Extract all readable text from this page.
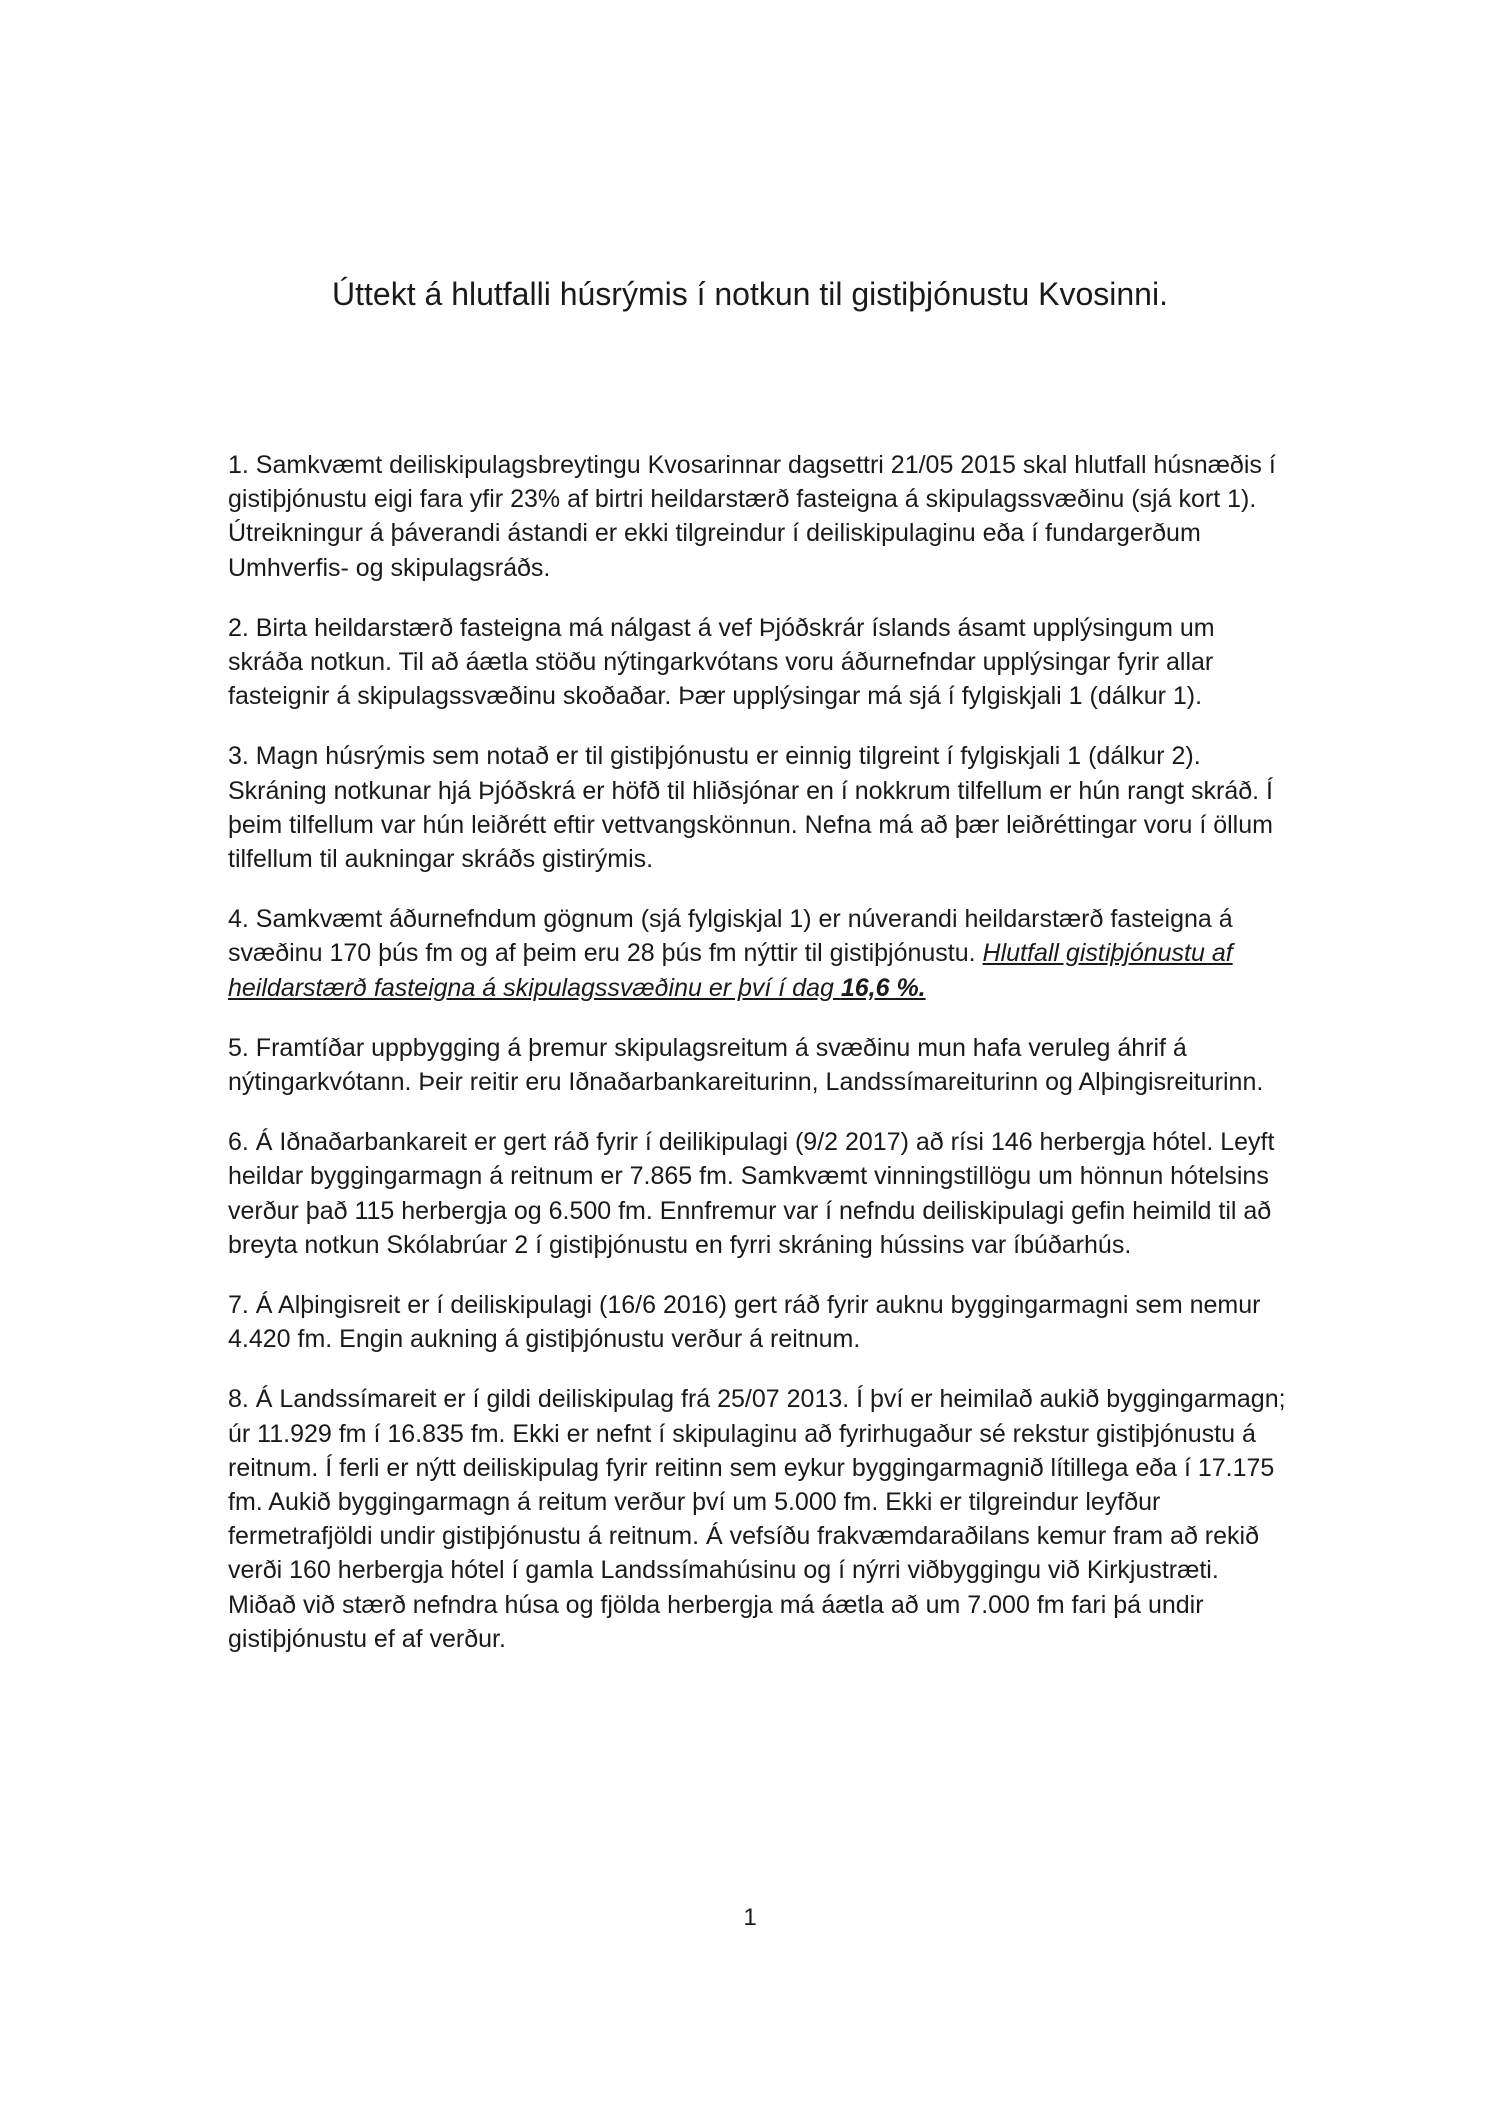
Úttekt á hlutfalli húsrýmis í notkun til gistiþjónustu Kvosinni.

1. Samkvæmt deiliskipulagsbreytingu Kvosarinnar dagsettri 21/05 2015 skal hlutfall húsnæðis í gistiþjónustu eigi fara yfir 23% af birtri heildarstærð fasteigna á skipulagssvæðinu (sjá kort 1). Útreikningur á þáverandi ástandi er ekki tilgreindur í deiliskipulaginu eða í fundargerðum Umhverfis- og skipulagsráðs.

2. Birta heildarstærð fasteigna má nálgast á vef Þjóðskrár íslands ásamt upplýsingum um skráða notkun. Til að áætla stöðu nýtingarkvótans voru áðurnefndar upplýsingar fyrir allar fasteignir á skipulagssvæðinu skoðaðar. Þær upplýsingar má sjá í fylgiskjali 1 (dálkur 1).

3. Magn húsrýmis sem notað er til gistiþjónustu er einnig tilgreint í fylgiskjali 1 (dálkur 2). Skráning notkunar hjá Þjóðskrá er höfð til hliðsjónar en í nokkrum tilfellum er hún rangt skráð. Í þeim tilfellum var hún leiðrétt eftir vettvangskönnun. Nefna má að þær leiðréttingar voru í öllum tilfellum til aukningar skráðs gistirýmis.

4. Samkvæmt áðurnefndum gögnum (sjá fylgiskjal 1) er núverandi heildarstærð fasteigna á svæðinu 170 þús fm og af þeim eru 28 þús fm nýttir til gistiþjónustu. Hlutfall gistiþjónustu af heildarstærð fasteigna á skipulagssvæðinu er því í dag 16,6 %.

5. Framtíðar uppbygging á þremur skipulagsreitum á svæðinu mun hafa veruleg áhrif á nýtingarkvótann. Þeir reitir eru Iðnaðarbankareiturinn, Landssímareiturinn og Alþingisreiturinn.

6. Á Iðnaðarbankareit er gert ráð fyrir í deilikipulagi (9/2 2017) að rísi 146 herbergja hótel. Leyft heildar byggingarmagn á reitnum er 7.865 fm. Samkvæmt vinningstillögu um hönnun hótelsins verður það 115 herbergja og 6.500 fm. Ennfremur var í nefndu deiliskipulagi gefin heimild til að breyta notkun Skólabrúar 2 í gistiþjónustu en fyrri skráning hússins var íbúðarhús.

7. Á Alþingisreit er í deiliskipulagi (16/6 2016) gert ráð fyrir auknu byggingarmagni sem nemur 4.420 fm. Engin aukning á gistiþjónustu verður á reitnum.

8. Á Landssímareit er í gildi deiliskipulag frá 25/07 2013. Í því er heimilað aukið byggingarmagn; úr 11.929 fm í 16.835 fm. Ekki er nefnt í skipulaginu að fyrirhugaður sé rekstur gistiþjónustu á reitnum. Í ferli er nýtt deiliskipulag fyrir reitinn sem eykur byggingarmagnið lítillega eða í 17.175 fm. Aukið byggingarmagn á reitum verður því um 5.000 fm. Ekki er tilgreindur leyfður fermetrafjöldi undir gistiþjónustu á reitnum. Á vefsíðu frakvæmdaraðilans kemur fram að rekið verði 160 herbergja hótel í gamla Landssímahúsinu og í nýrri viðbyggingu við Kirkjustræti. Miðað við stærð nefndra húsa og fjölda herbergja má áætla að um 7.000 fm fari þá undir gistiþjónustu ef af verður.

1
